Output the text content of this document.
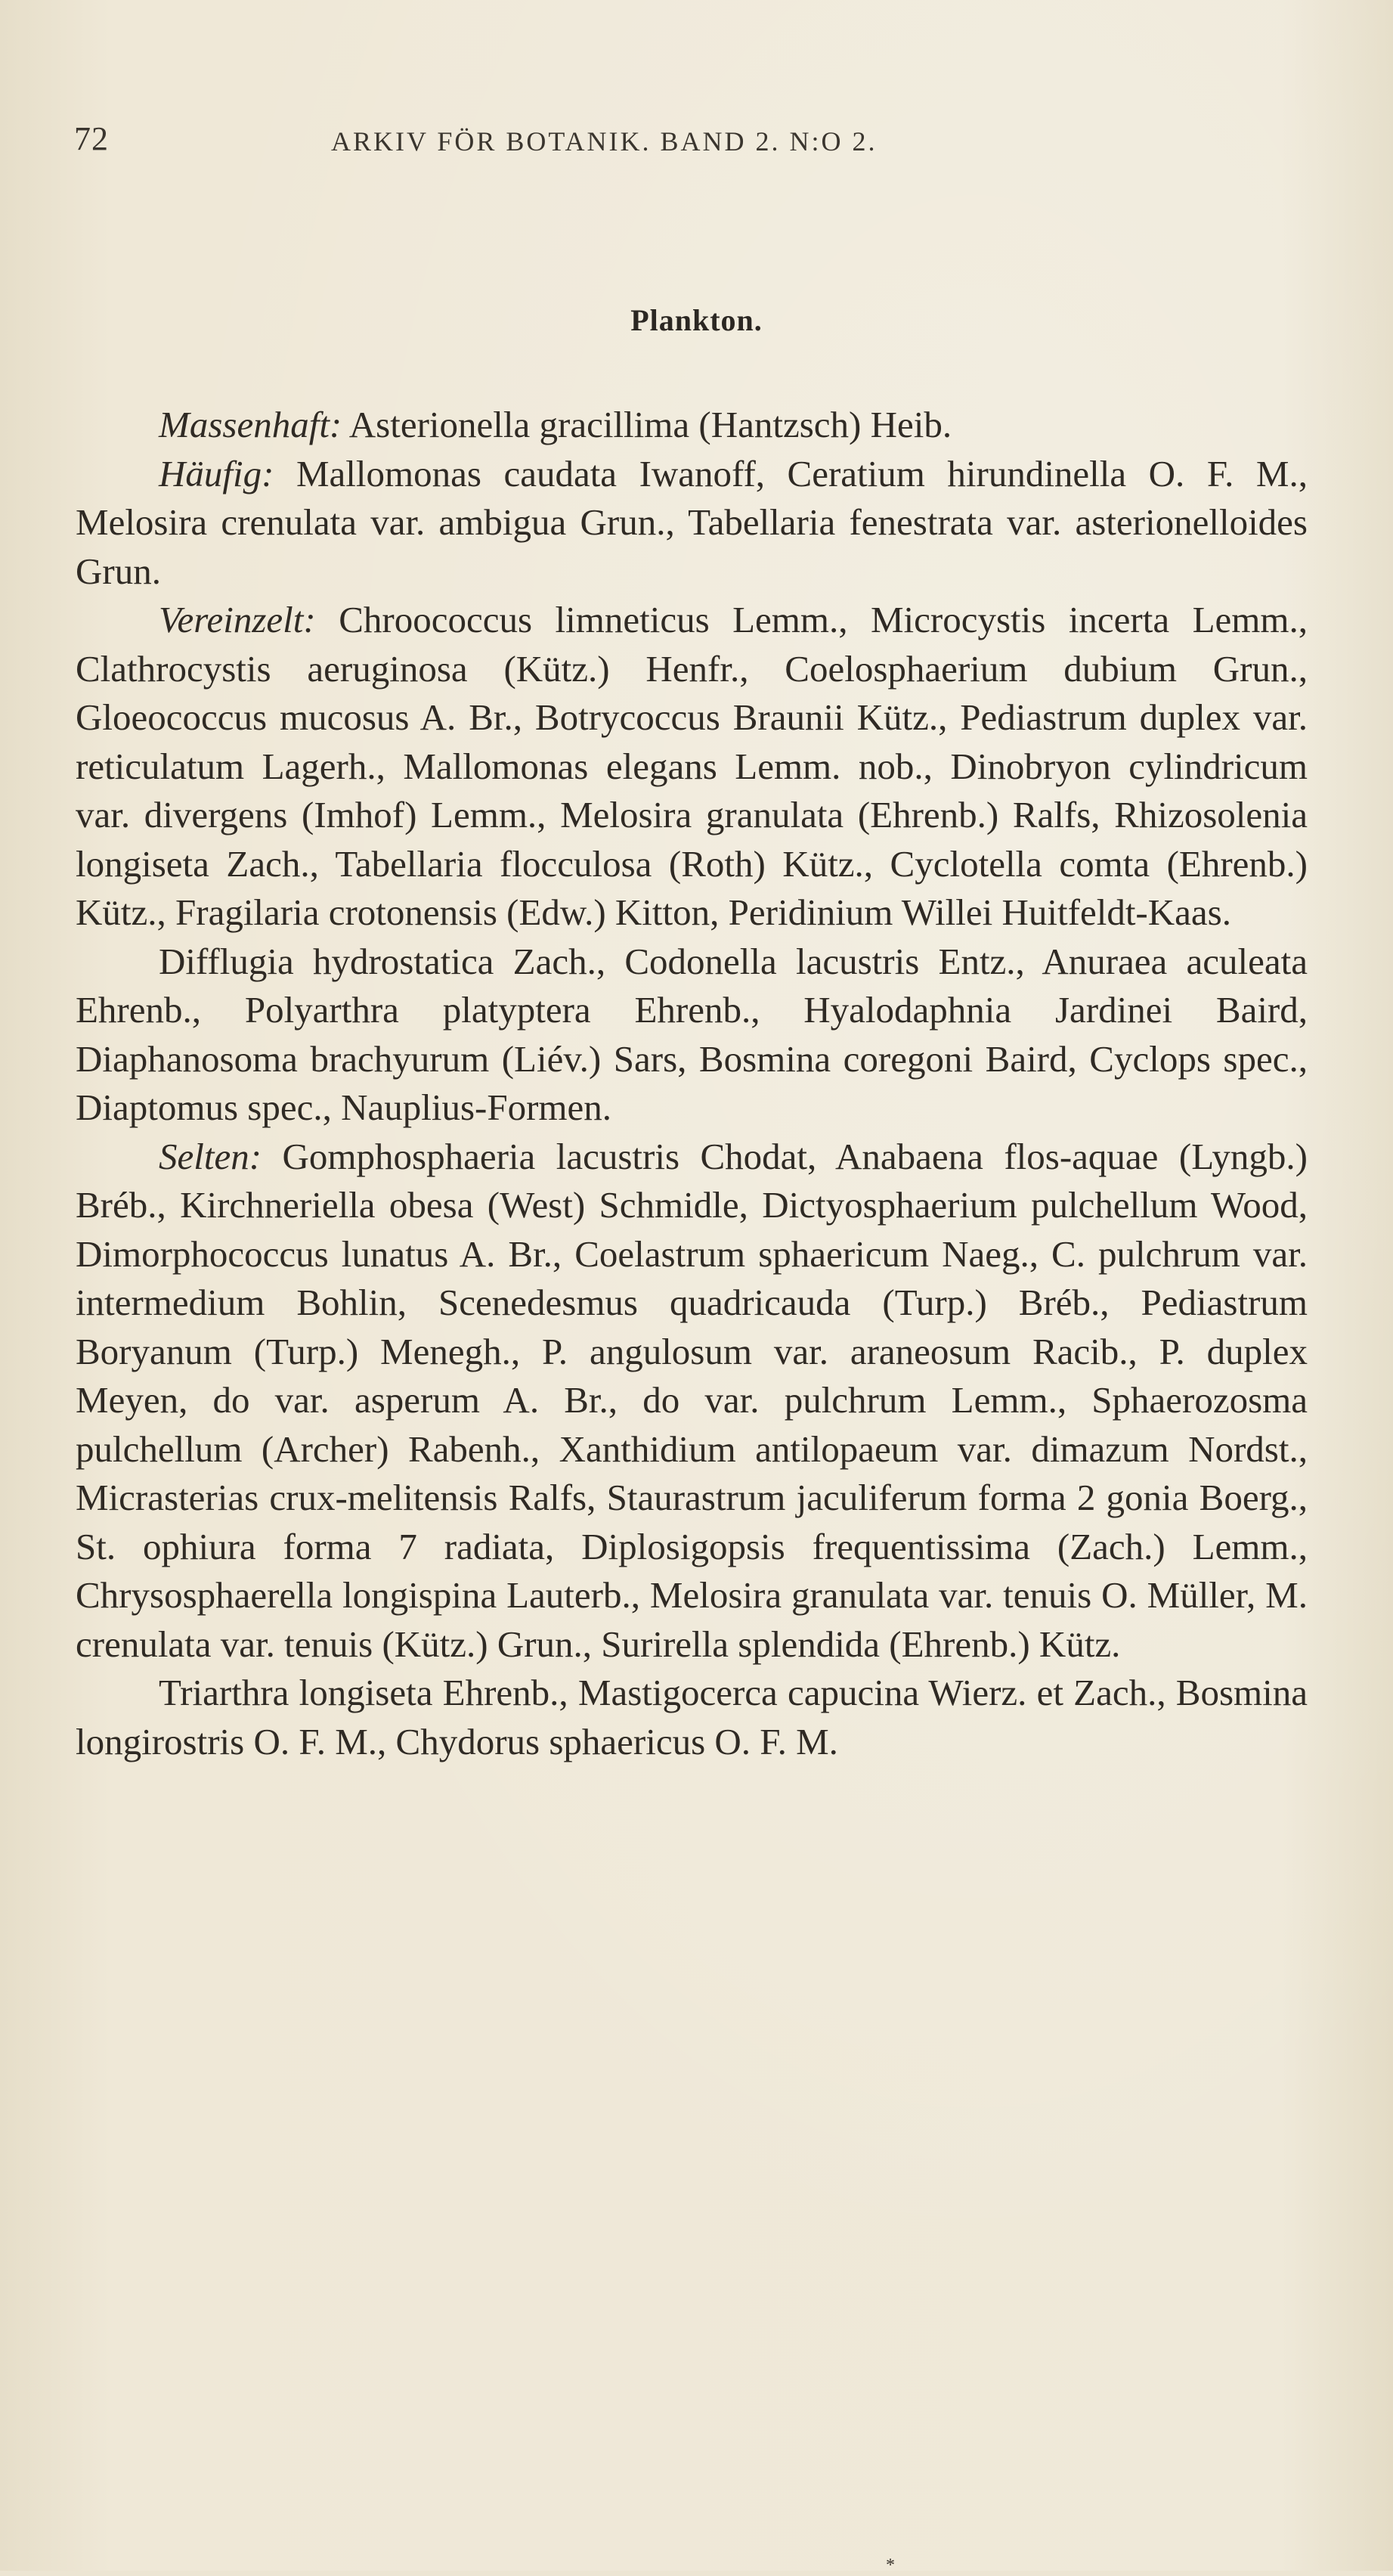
72	ARKIV FÖR BOTANIK. BAND 2. N:O 2.
Plankton.

Massenhaft: Asterionella gracillima (Hantzsch) Heib.

Häufig: Mallomonas caudata Iwanoff, Ceratium hirundinella O. F. M., Melosira crenulata var. ambigua Grun., Tabellaria fenestrata var. asterionelloides Grun.

Vereinzelt: Chroococcus limneticus Lemm., Microcystis incerta Lemm., Clathrocystis aeruginosa (Kütz.) Henfr., Coelosphaerium dubium Grun., Gloeococcus mucosus A. Br., Botrycoccus Braunii Kütz., Pediastrum duplex var. reticulatum Lagerh., Mallomonas elegans Lemm. nob., Dinobryon cylindricum var. divergens (Imhof) Lemm., Melosira granulata (Ehrenb.) Ralfs, Rhizosolenia longiseta Zach., Tabellaria flocculosa (Roth) Kütz., Cyclotella comta (Ehrenb.) Kütz., Fragilaria crotonensis (Edw.) Kitton, Peridinium Willei Huitfeldt-Kaas.

Difflugia hydrostatica Zach., Codonella lacustris Entz., Anuraea aculeata Ehrenb., Polyarthra platyptera Ehrenb., Hyalodaphnia Jardinei Baird, Diaphanosoma brachyurum (Liév.) Sars, Bosmina coregoni Baird, Cyclops spec., Diaptomus spec., Nauplius-Formen.

Selten: Gomphosphaeria lacustris Chodat, Anabaena flos-aquae (Lyngb.) Bréb., Kirchneriella obesa (West) Schmidle, Dictyosphaerium pulchellum Wood, Dimorphococcus lunatus A. Br., Coelastrum sphaericum Naeg., C. pulchrum var. intermedium Bohlin, Scenedesmus quadricauda (Turp.) Bréb., Pediastrum Boryanum (Turp.) Menegh., P. angulosum var. araneosum Racib., P. duplex Meyen, do var. asperum A. Br., do var. pulchrum Lemm., Sphaerozosma pulchellum (Archer) Rabenh., Xanthidium antilopaeum var. dimazum Nordst., Micrasterias crux-melitensis Ralfs, Staurastrum jaculiferum forma 2 gonia Boerg., St. ophiura forma 7 radiata, Diplosigopsis frequentissima (Zach.) Lemm., Chrysosphaerella longispina Lauterb., Melosira granulata var. tenuis O. Müller, M. crenulata var. tenuis (Kütz.) Grun., Surirella splendida (Ehrenb.) Kütz.

Triarthra longiseta Ehrenb., Mastigocerca capucina Wierz. et Zach., Bosmina longirostris O. F. M., Chydorus sphaericus O. F. M.

*
